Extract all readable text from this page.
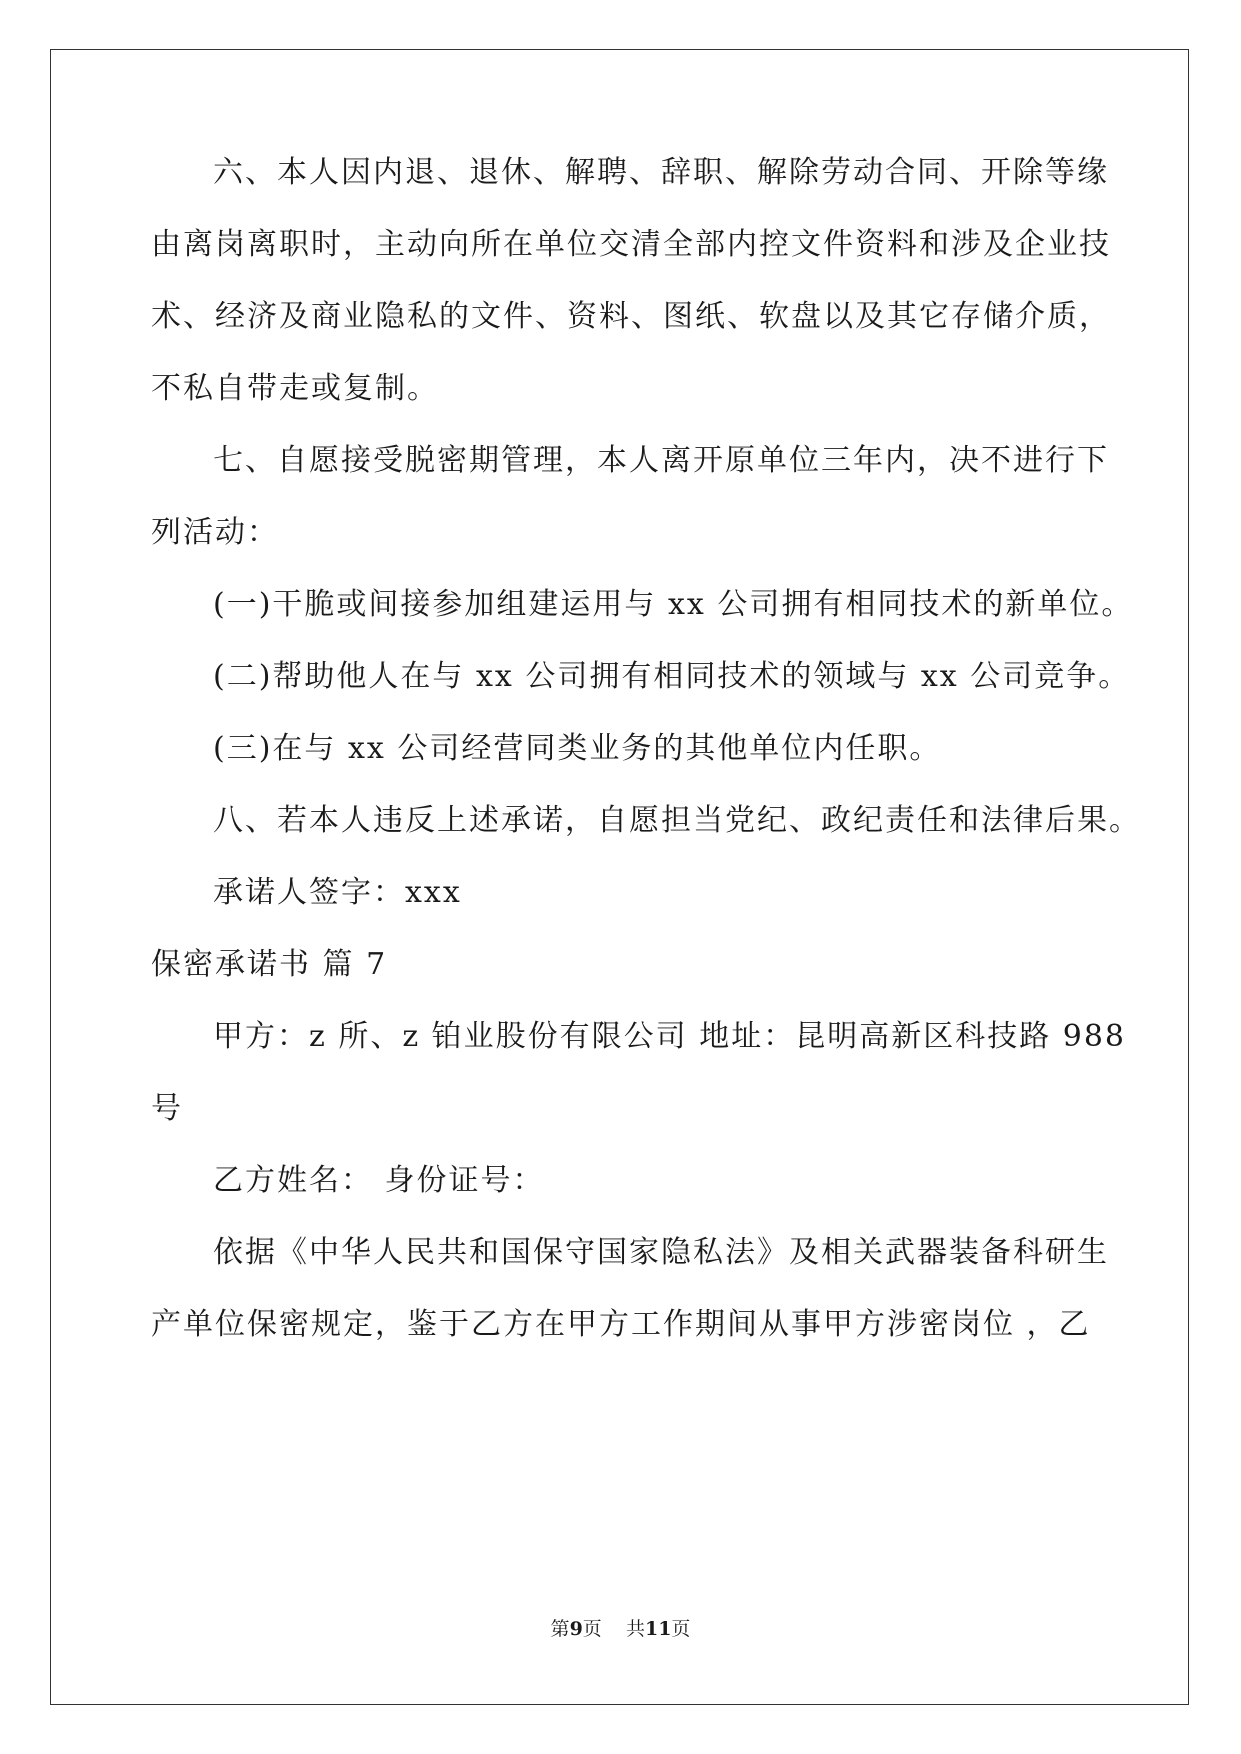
六、本人因内退、退休、解聘、辞职、解除劳动合同、开除等缘
由离岗离职时，主动向所在单位交清全部内控文件资料和涉及企业技
术、经济及商业隐私的文件、资料、图纸、软盘以及其它存储介质，
不私自带走或复制。
七、自愿接受脱密期管理，本人离开原单位三年内，决不进行下
列活动：
(一)干脆或间接参加组建运用与 xx 公司拥有相同技术的新单位。
(二)帮助他人在与 xx 公司拥有相同技术的领域与 xx 公司竞争。
(三)在与 xx 公司经营同类业务的其他单位内任职。
八、若本人违反上述承诺，自愿担当党纪、政纪责任和法律后果。
承诺人签字：xxx
保密承诺书 篇 7
甲方：z 所、z 铂业股份有限公司 地址：昆明高新区科技路 988
号
乙方姓名： 身份证号：
依据《中华人民共和国保守国家隐私法》及相关武器装备科研生
产单位保密规定，鉴于乙方在甲方工作期间从事甲方涉密岗位 ，乙
第9页    共11页
